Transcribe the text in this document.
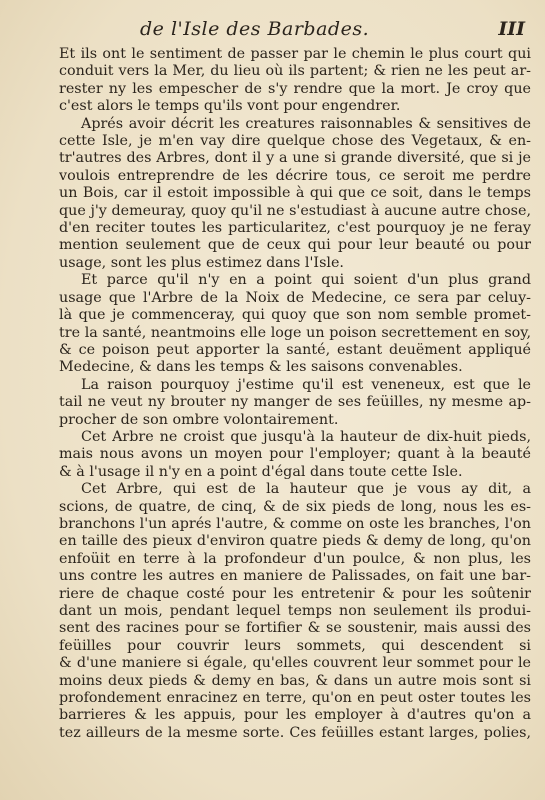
de l'Isle des Barbades.	III
Et ils ont le sentiment de passer par le chemin le plus court qui
conduit vers la Mer, du lieu où ils partent; & rien ne les peut ar-
rester ny les empescher de s'y rendre que la mort. Je croy que
c'est alors le temps qu'ils vont pour engendrer.
Aprés avoir décrit les creatures raisonnables & sensitives de
cette Isle, je m'en vay dire quelque chose des Vegetaux, & en-
tr'autres des Arbres, dont il y a une si grande diversité, que si je
voulois entreprendre de les décrire tous, ce seroit me perdre
un Bois, car il estoit impossible à qui que ce soit, dans le temps
que j'y demeuray, quoy qu'il ne s'estudiast à aucune autre chose,
d'en reciter toutes les particularitez, c'est pourquoy je ne feray
mention seulement que de ceux qui pour leur beauté ou pour
usage, sont les plus estimez dans l'Isle.
Et parce qu'il n'y en a point qui soient d'un plus grand
usage que l'Arbre de la Noix de Medecine, ce sera par celuy-
là que je commenceray, qui quoy que son nom semble promet-
tre la santé, neantmoins elle loge un poison secrettement en soy,
& ce poison peut apporter la santé, estant deuëment appliqué
Medecine, & dans les temps & les saisons convenables.
La raison pourquoy j'estime qu'il est veneneux, est que le
tail ne veut ny brouter ny manger de ses feüilles, ny mesme ap-
procher de son ombre volontairement.
Cet Arbre ne croist que jusqu'à la hauteur de dix-huit pieds,
mais nous avons un moyen pour l'employer; quant à la beauté
& à l'usage il n'y en a point d'égal dans toute cette Isle.
Cet Arbre, qui est de la hauteur que je vous ay dit, a
scions, de quatre, de cinq, & de six pieds de long, nous les es-
branchons l'un aprés l'autre, & comme on oste les branches, l'on
en taille des pieux d'environ quatre pieds & demy de long, qu'on
enfoüit en terre à la profondeur d'un poulce, & non plus, les
uns contre les autres en maniere de Palissades, on fait une bar-
riere de chaque costé pour les entretenir & pour les soûtenir
dant un mois, pendant lequel temps non seulement ils produi-
sent des racines pour se fortifier & se soustenir, mais aussi des
feüilles pour couvrir leurs sommets, qui descendent si
& d'une maniere si égale, qu'elles couvrent leur sommet pour le
moins deux pieds & demy en bas, & dans un autre mois sont si
profondement enracinez en terre, qu'on en peut oster toutes les
barrieres & les appuis, pour les employer à d'autres qu'on a
tez ailleurs de la mesme sorte. Ces feüilles estant larges, polies,
